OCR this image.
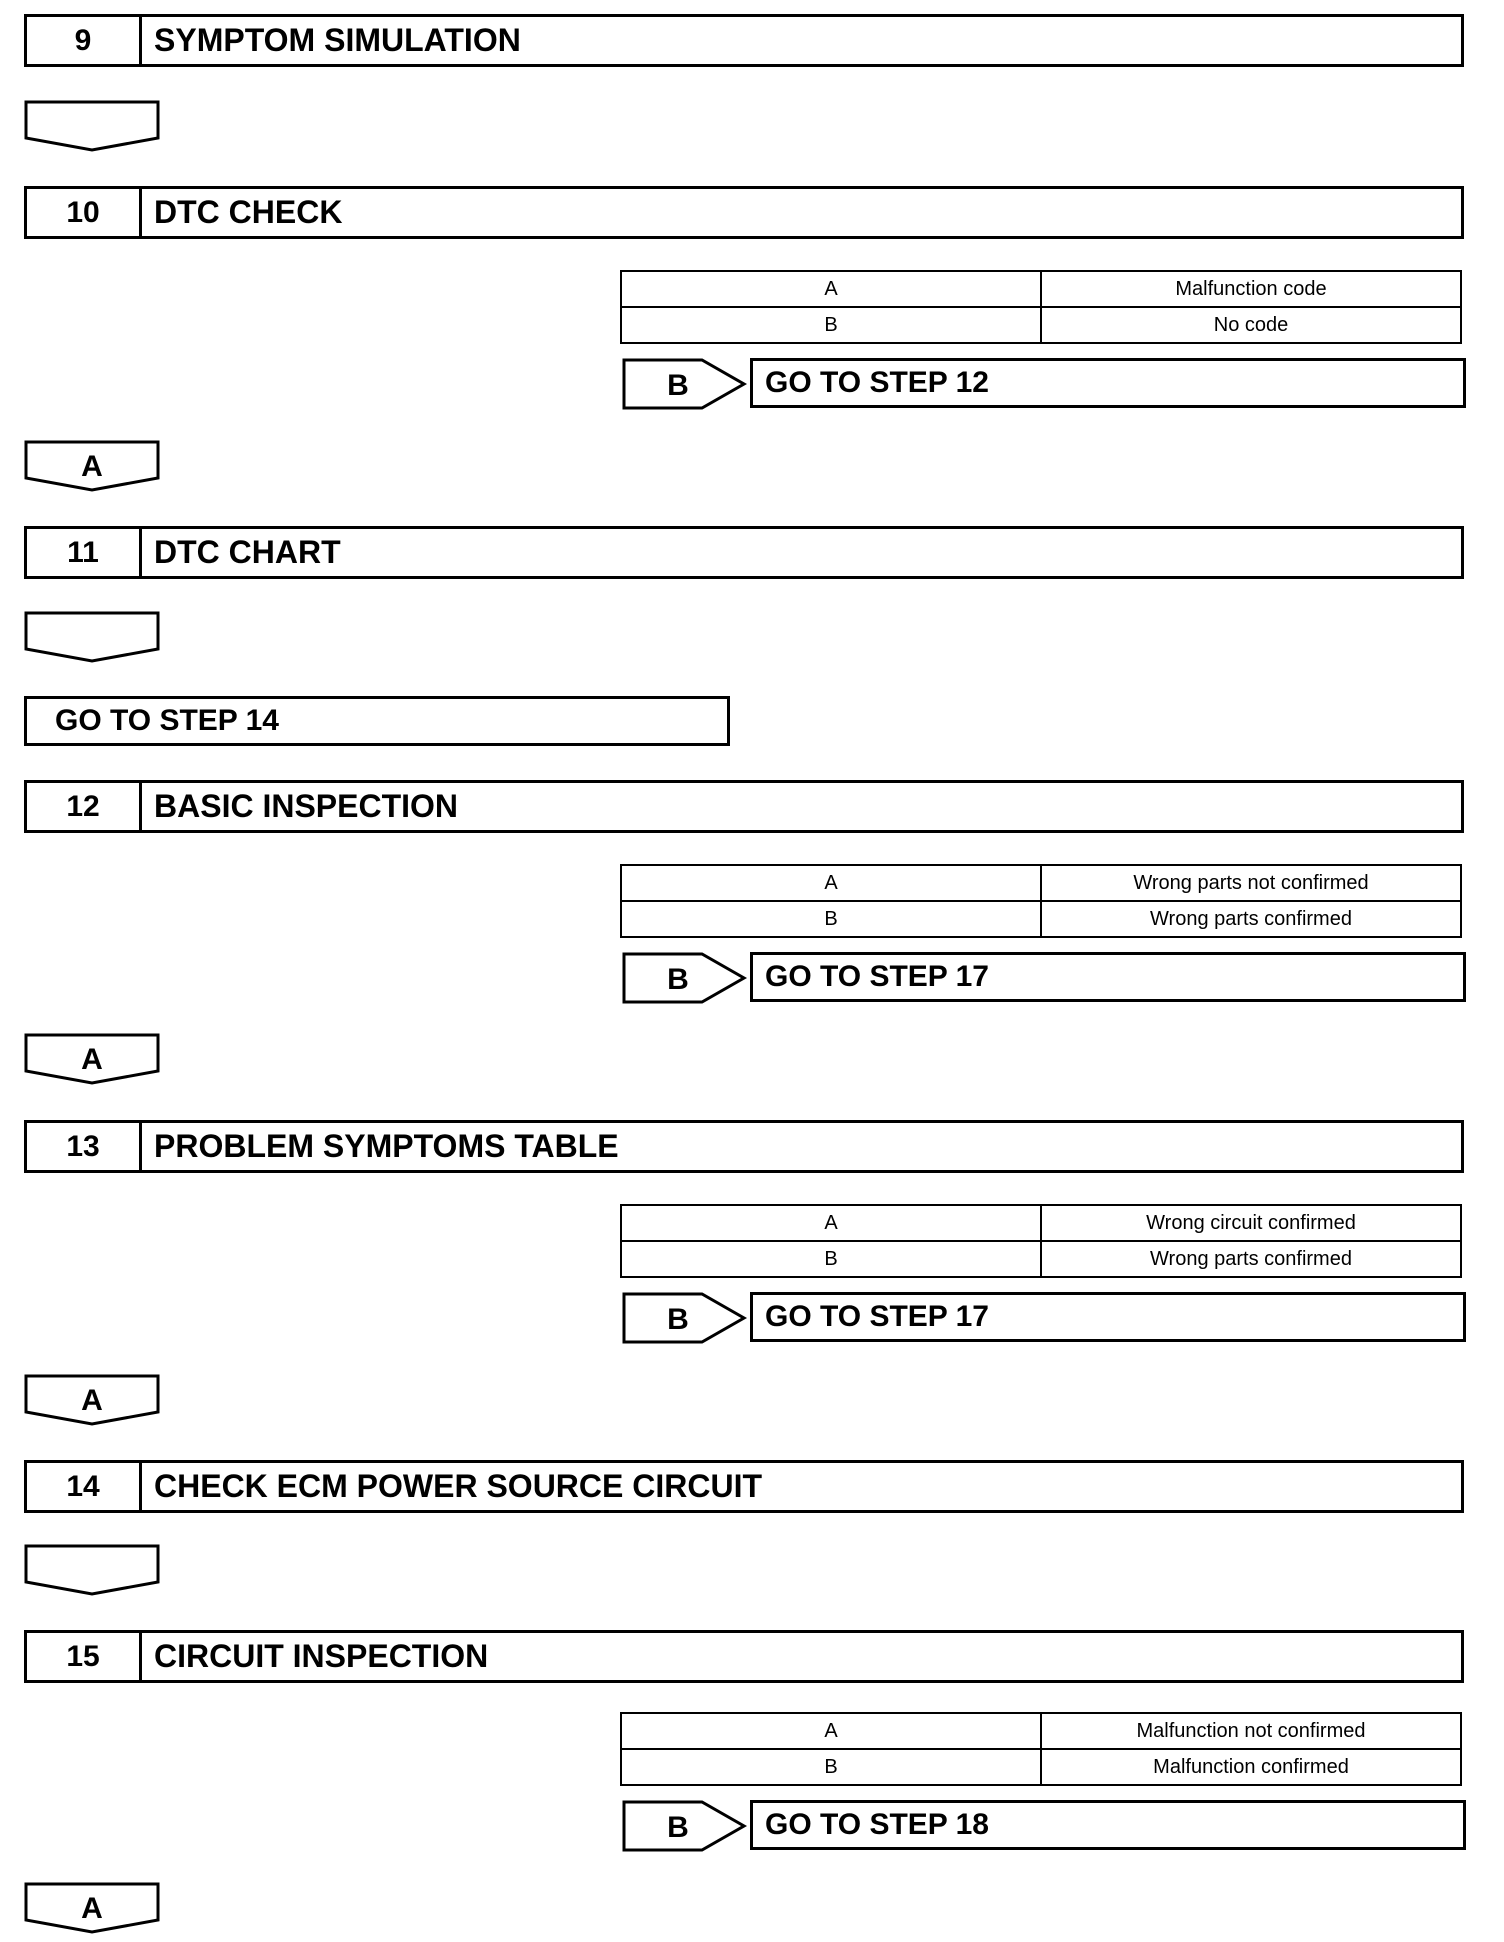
9	SYMPTOM SIMULATION
10	DTC CHECK
A	Malfunction code
B	No code
B	GO TO STEP 12
A
11	DTC CHART
GO TO STEP 14
12	BASIC INSPECTION
A	Wrong parts not confirmed
B	Wrong parts confirmed
B	GO TO STEP 17
A
13	PROBLEM SYMPTOMS TABLE
A	Wrong circuit confirmed
B	Wrong parts confirmed
B	GO TO STEP 17
A
14	CHECK ECM POWER SOURCE CIRCUIT
15	CIRCUIT INSPECTION
A	Malfunction not confirmed
B	Malfunction confirmed
B	GO TO STEP 18
A
